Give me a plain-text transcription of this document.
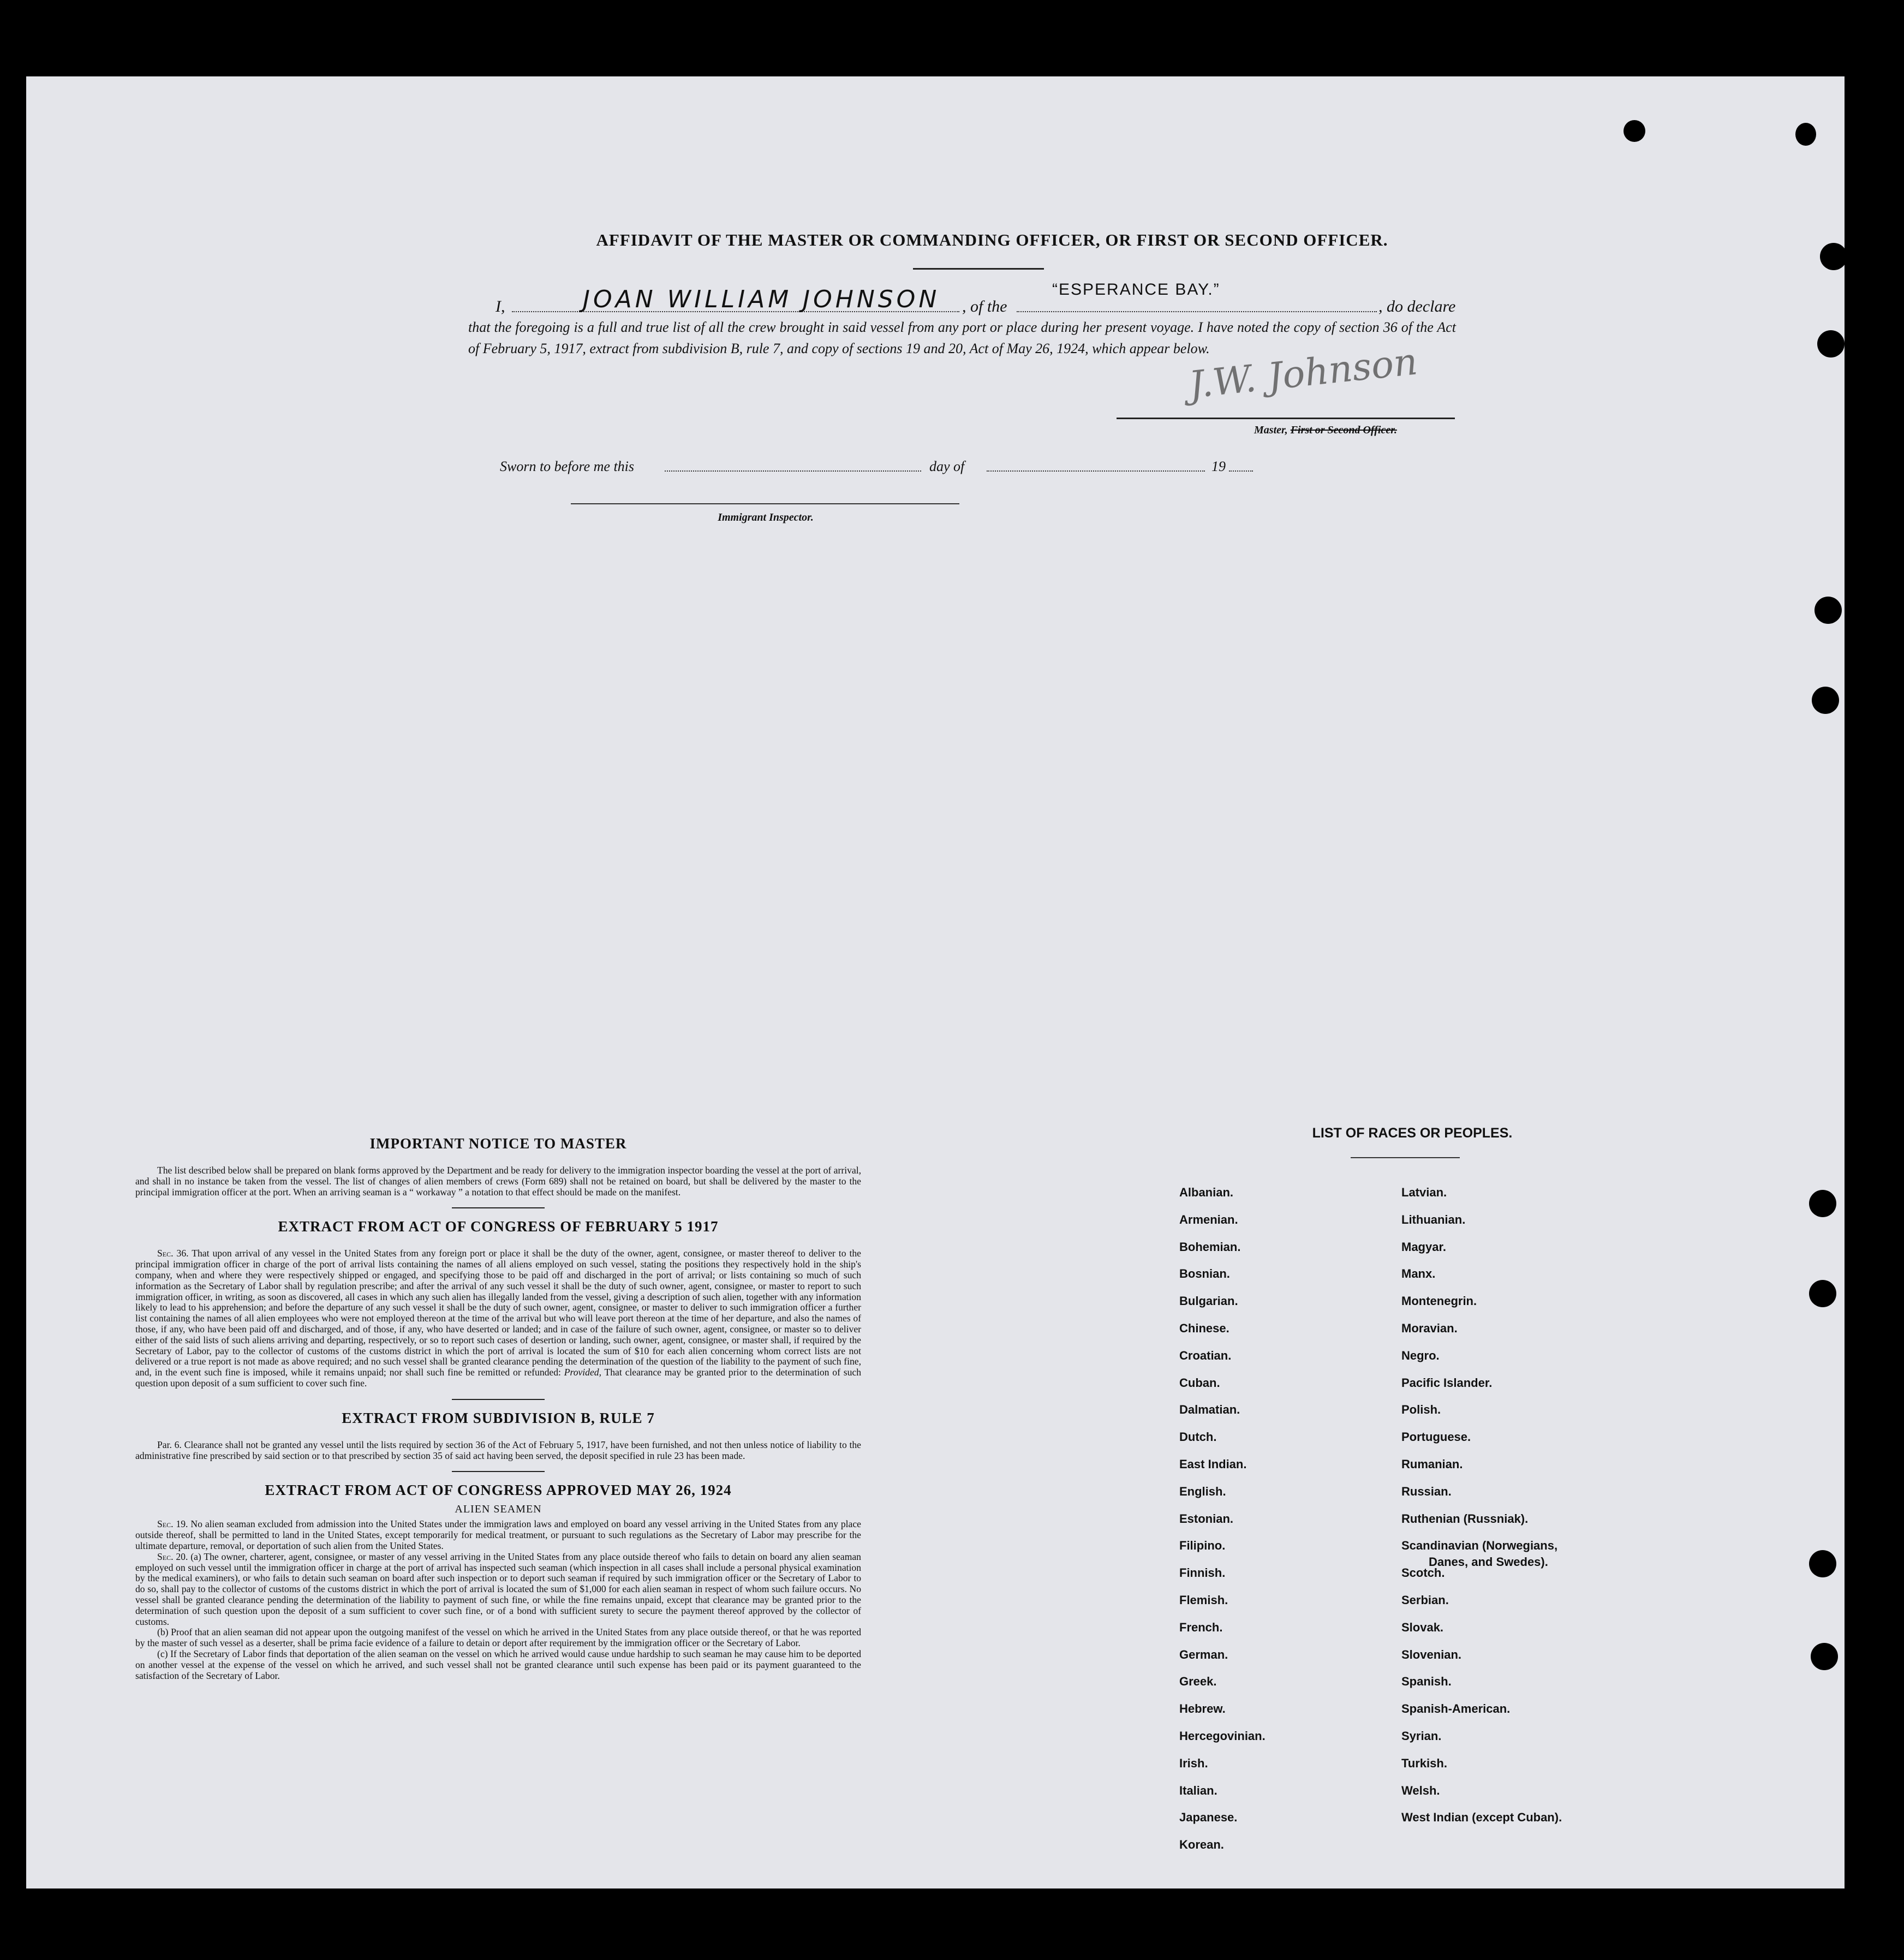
AFFIDAVIT OF THE MASTER OR COMMANDING OFFICER, OR FIRST OR SECOND OFFICER.
I,	JOAN WILLIAM JOHNSON , of the
“ESPERANCE BAY.”
, do declare
that the foregoing is a full and true list of all the crew brought in said vessel from any port or place during her present voyage. I have noted the copy of section 36 of the Act of February 5, 1917, extract from subdivision B, rule 7, and copy of sections 19 and 20, Act of May 26, 1924, which appear below.
J.W. Johnson
Master, First or Second Officer.
Sworn to before me this	day of	19
Immigrant Inspector.

IMPORTANT NOTICE TO MASTER

The list described below shall be prepared on blank forms approved by the Department and be ready for delivery to the immigration inspector boarding the vessel at the port of arrival, and shall in no instance be taken from the vessel. The list of changes of alien members of crews (Form 689) shall not be retained on board, but shall be delivered by the master to the principal immigration officer at the port. When an arriving seaman is a “ workaway ” a notation to that effect should be made on the manifest.

EXTRACT FROM ACT OF CONGRESS OF FEBRUARY 5 1917

Sec. 36. That upon arrival of any vessel in the United States from any foreign port or place it shall be the duty of the owner, agent, consignee, or master thereof to deliver to the principal immigration officer in charge of the port of arrival lists containing the names of all aliens employed on such vessel, stating the positions they respectively hold in the ship's company, when and where they were respectively shipped or engaged, and specifying those to be paid off and discharged in the port of arrival; or lists containing so much of such information as the Secretary of Labor shall by regulation prescribe; and after the arrival of any such vessel it shall be the duty of such owner, agent, consignee, or master to report to such immigration officer, in writing, as soon as discovered, all cases in which any such alien has illegally landed from the vessel, giving a description of such alien, together with any information likely to lead to his apprehension; and before the departure of any such vessel it shall be the duty of such owner, agent, consignee, or master to deliver to such immigration officer a further list containing the names of all alien employees who were not employed thereon at the time of the arrival but who will leave port thereon at the time of her departure, and also the names of those, if any, who have been paid off and discharged, and of those, if any, who have deserted or landed; and in case of the failure of such owner, agent, consignee, or master so to deliver either of the said lists of such aliens arriving and departing, respectively, or so to report such cases of desertion or landing, such owner, agent, consignee, or master shall, if required by the Secretary of Labor, pay to the collector of customs of the customs district in which the port of arrival is located the sum of $10 for each alien concerning whom correct lists are not delivered or a true report is not made as above required; and no such vessel shall be granted clearance pending the determination of the question of the liability to the payment of such fine, and, in the event such fine is imposed, while it remains unpaid; nor shall such fine be remitted or refunded: Provided, That clearance may be granted prior to the determination of such question upon deposit of a sum sufficient to cover such fine.

EXTRACT FROM SUBDIVISION B, RULE 7

Par. 6. Clearance shall not be granted any vessel until the lists required by section 36 of the Act of February 5, 1917, have been furnished, and not then unless notice of liability to the administrative fine prescribed by said section or to that prescribed by section 35 of said act having been served, the deposit specified in rule 23 has been made.

EXTRACT FROM ACT OF CONGRESS APPROVED MAY 26, 1924

ALIEN SEAMEN

Sec. 19. No alien seaman excluded from admission into the United States under the immigration laws and employed on board any vessel arriving in the United States from any place outside thereof, shall be permitted to land in the United States, except temporarily for medical treatment, or pursuant to such regulations as the Secretary of Labor may prescribe for the ultimate departure, removal, or deportation of such alien from the United States.

Sec. 20. (a) The owner, charterer, agent, consignee, or master of any vessel arriving in the United States from any place outside thereof who fails to detain on board any alien seaman employed on such vessel until the immigration officer in charge at the port of arrival has inspected such seaman (which inspection in all cases shall include a personal physical examination by the medical examiners), or who fails to detain such seaman on board after such inspection or to deport such seaman if required by such immigration officer or the Secretary of Labor to do so, shall pay to the collector of customs of the customs district in which the port of arrival is located the sum of $1,000 for each alien seaman in respect of whom such failure occurs. No vessel shall be granted clearance pending the determination of the liability to payment of such fine, or while the fine remains unpaid, except that clearance may be granted prior to the determination of such question upon the deposit of a sum sufficient to cover such fine, or of a bond with sufficient surety to secure the payment thereof approved by the collector of customs.

(b) Proof that an alien seaman did not appear upon the outgoing manifest of the vessel on which he arrived in the United States from any place outside thereof, or that he was reported by the master of such vessel as a deserter, shall be prima facie evidence of a failure to detain or deport after requirement by the immigration officer or the Secretary of Labor.

(c) If the Secretary of Labor finds that deportation of the alien seaman on the vessel on which he arrived would cause undue hardship to such seaman he may cause him to be deported on another vessel at the expense of the vessel on which he arrived, and such vessel shall not be granted clearance until such expense has been paid or its payment guaranteed to the satisfaction of the Secretary of Labor.

LIST OF RACES OR PEOPLES.
Albanian.
Armenian.
Bohemian.
Bosnian.
Bulgarian.
Chinese.
Croatian.
Cuban.
Dalmatian.
Dutch.
East Indian.
English.
Estonian.
Filipino.
Finnish.
Flemish.
French.
German.
Greek.
Hebrew.
Hercegovinian.
Irish.
Italian.
Japanese.
Korean.
Latvian.
Lithuanian.
Magyar.
Manx.
Montenegrin.
Moravian.
Negro.
Pacific Islander.
Polish.
Portuguese.
Rumanian.
Russian.
Ruthenian (Russniak).
Scandinavian (Norwegians,
Danes, and Swedes).
Scotch.
Serbian.
Slovak.
Slovenian.
Spanish.
Spanish-American.
Syrian.
Turkish.
Welsh.
West Indian (except Cuban).
